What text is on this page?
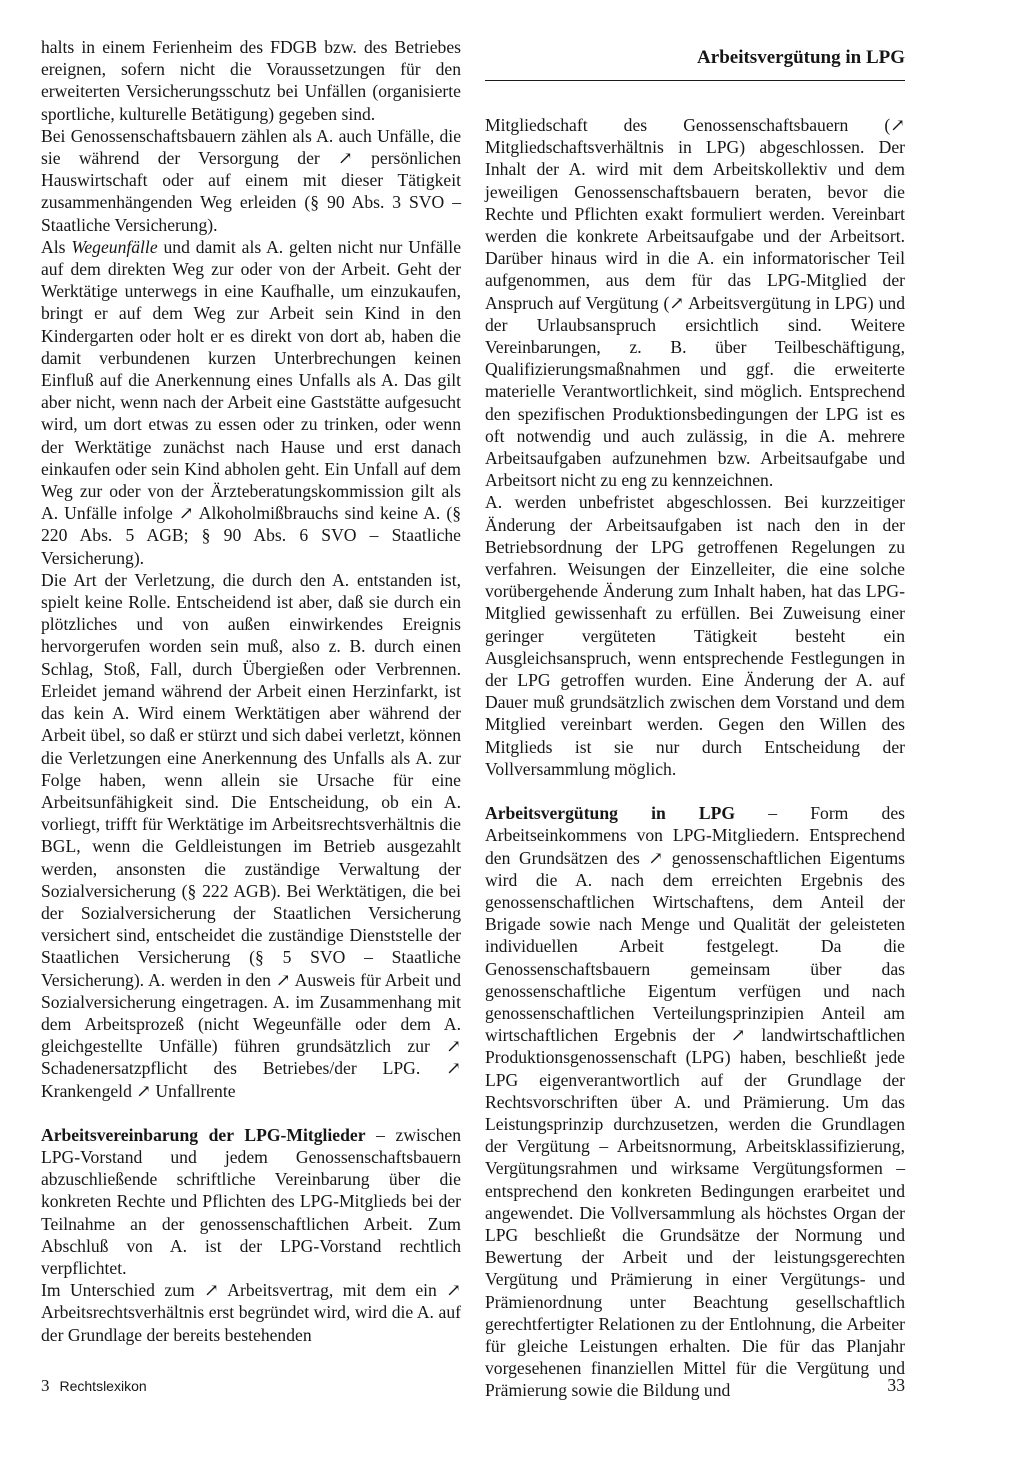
Arbeitsvergütung in LPG

halts in einem Ferienheim des FDGB bzw. des Betriebes ereignen, sofern nicht die Voraussetzungen für den erweiterten Versicherungsschutz bei Unfällen (organisierte sportliche, kulturelle Betätigung) gegeben sind.

Bei Genossenschaftsbauern zählen als A. auch Unfälle, die sie während der Versorgung der ↗ persönlichen Hauswirtschaft oder auf einem mit dieser Tätigkeit zusammenhängenden Weg erleiden (§ 90 Abs. 3 SVO – Staatliche Versicherung).

Als Wegeunfälle und damit als A. gelten nicht nur Unfälle auf dem direkten Weg zur oder von der Arbeit. Geht der Werktätige unterwegs in eine Kaufhalle, um einzukaufen, bringt er auf dem Weg zur Arbeit sein Kind in den Kindergarten oder holt er es direkt von dort ab, haben die damit verbundenen kurzen Unterbrechungen keinen Einfluß auf die Anerkennung eines Unfalls als A. Das gilt aber nicht, wenn nach der Arbeit eine Gaststätte aufgesucht wird, um dort etwas zu essen oder zu trinken, oder wenn der Werktätige zunächst nach Hause und erst danach einkaufen oder sein Kind abholen geht. Ein Unfall auf dem Weg zur oder von der Ärzteberatungskommission gilt als A. Unfälle infolge ↗ Alkoholmißbrauchs sind keine A. (§ 220 Abs. 5 AGB; § 90 Abs. 6 SVO – Staatliche Versicherung).

Die Art der Verletzung, die durch den A. entstanden ist, spielt keine Rolle. Entscheidend ist aber, daß sie durch ein plötzliches und von außen einwirkendes Ereignis hervorgerufen worden sein muß, also z. B. durch einen Schlag, Stoß, Fall, durch Übergießen oder Verbrennen. Erleidet jemand während der Arbeit einen Herzinfarkt, ist das kein A. Wird einem Werktätigen aber während der Arbeit übel, so daß er stürzt und sich dabei verletzt, können die Verletzungen eine Anerkennung des Unfalls als A. zur Folge haben, wenn allein sie Ursache für eine Arbeitsunfähigkeit sind. Die Entscheidung, ob ein A. vorliegt, trifft für Werktätige im Arbeitsrechtsverhältnis die BGL, wenn die Geldleistungen im Betrieb ausgezahlt werden, ansonsten die zuständige Verwaltung der Sozialversicherung (§ 222 AGB). Bei Werktätigen, die bei der Sozialversicherung der Staatlichen Versicherung versichert sind, entscheidet die zuständige Dienststelle der Staatlichen Versicherung (§ 5 SVO – Staatliche Versicherung). A. werden in den ↗ Ausweis für Arbeit und Sozialversicherung eingetragen. A. im Zusammenhang mit dem Arbeitsprozeß (nicht Wegeunfälle oder dem A. gleichgestellte Unfälle) führen grundsätzlich zur ↗ Schadenersatzpflicht des Betriebes/der LPG. ↗ Krankengeld ↗ Unfallrente

Arbeitsvereinbarung der LPG-Mitglieder – zwischen LPG-Vorstand und jedem Genossenschaftsbauern abzuschließende schriftliche Vereinbarung über die konkreten Rechte und Pflichten des LPG-Mitglieds bei der Teilnahme an der genossenschaftlichen Arbeit. Zum Abschluß von A. ist der LPG-Vorstand rechtlich verpflichtet.

Im Unterschied zum ↗ Arbeitsvertrag, mit dem ein ↗ Arbeitsrechtsverhältnis erst begründet wird, wird die A. auf der Grundlage der bereits bestehenden

Mitgliedschaft des Genossenschaftsbauern (↗ Mitgliedschaftsverhältnis in LPG) abgeschlossen. Der Inhalt der A. wird mit dem Arbeitskollektiv und dem jeweiligen Genossenschaftsbauern beraten, bevor die Rechte und Pflichten exakt formuliert werden. Vereinbart werden die konkrete Arbeitsaufgabe und der Arbeitsort. Darüber hinaus wird in die A. ein informatorischer Teil aufgenommen, aus dem für das LPG-Mitglied der Anspruch auf Vergütung (↗ Arbeitsvergütung in LPG) und der Urlaubsanspruch ersichtlich sind. Weitere Vereinbarungen, z. B. über Teilbeschäftigung, Qualifizierungsmaßnahmen und ggf. die erweiterte materielle Verantwortlichkeit, sind möglich. Entsprechend den spezifischen Produktionsbedingungen der LPG ist es oft notwendig und auch zulässig, in die A. mehrere Arbeitsaufgaben aufzunehmen bzw. Arbeitsaufgabe und Arbeitsort nicht zu eng zu kennzeichnen.

A. werden unbefristet abgeschlossen. Bei kurzzeitiger Änderung der Arbeitsaufgaben ist nach den in der Betriebsordnung der LPG getroffenen Regelungen zu verfahren. Weisungen der Einzelleiter, die eine solche vorübergehende Änderung zum Inhalt haben, hat das LPG-Mitglied gewissenhaft zu erfüllen. Bei Zuweisung einer geringer vergüteten Tätigkeit besteht ein Ausgleichsanspruch, wenn entsprechende Festlegungen in der LPG getroffen wurden. Eine Änderung der A. auf Dauer muß grundsätzlich zwischen dem Vorstand und dem Mitglied vereinbart werden. Gegen den Willen des Mitglieds ist sie nur durch Entscheidung der Vollversammlung möglich.

Arbeitsvergütung in LPG – Form des Arbeitseinkommens von LPG-Mitgliedern. Entsprechend den Grundsätzen des ↗ genossenschaftlichen Eigentums wird die A. nach dem erreichten Ergebnis des genossenschaftlichen Wirtschaftens, dem Anteil der Brigade sowie nach Menge und Qualität der geleisteten individuellen Arbeit festgelegt. Da die Genossenschaftsbauern gemeinsam über das genossenschaftliche Eigentum verfügen und nach genossenschaftlichen Verteilungsprinzipien Anteil am wirtschaftlichen Ergebnis der ↗ landwirtschaftlichen Produktionsgenossenschaft (LPG) haben, beschließt jede LPG eigenverantwortlich auf der Grundlage der Rechtsvorschriften über A. und Prämierung. Um das Leistungsprinzip durchzusetzen, werden die Grundlagen der Vergütung – Arbeitsnormung, Arbeitsklassifizierung, Vergütungsrahmen und wirksame Vergütungsformen – entsprechend den konkreten Bedingungen erarbeitet und angewendet. Die Vollversammlung als höchstes Organ der LPG beschließt die Grundsätze der Normung und Bewertung der Arbeit und der leistungsgerechten Vergütung und Prämierung in einer Vergütungs- und Prämienordnung unter Beachtung gesellschaftlich gerechtfertigter Relationen zu der Entlohnung, die Arbeiter für gleiche Leistungen erhalten. Die für das Planjahr vorgesehenen finanziellen Mittel für die Vergütung und Prämierung sowie die Bildung und

3 Rechtslexikon	33
